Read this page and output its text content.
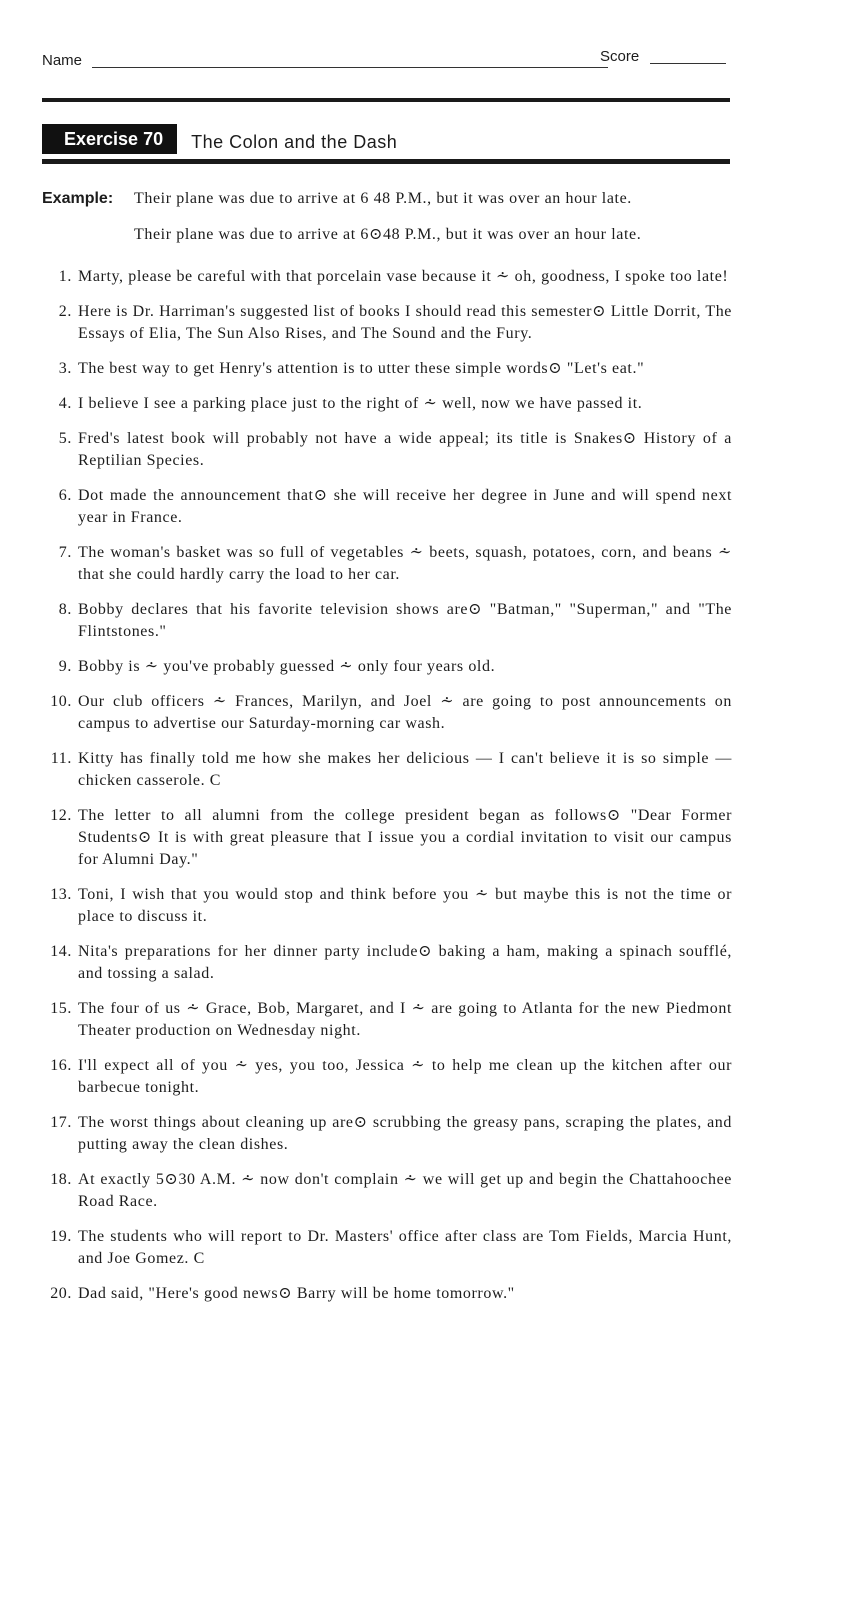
Name	Score
Exercise 70	The Colon and the Dash
Example: Their plane was due to arrive at 6 48 P.M., but it was over an hour late.

Their plane was due to arrive at 6⊙48 P.M., but it was over an hour late.

1. Marty, please be careful with that porcelain vase because it ⩪ oh, goodness, I spoke too late!
2. Here is Dr. Harriman's suggested list of books I should read this semester⊙ Little Dorrit, The Essays of Elia, The Sun Also Rises, and The Sound and the Fury.
3. The best way to get Henry's attention is to utter these simple words⊙ "Let's eat."
4. I believe I see a parking place just to the right of ⩪ well, now we have passed it.
5. Fred's latest book will probably not have a wide appeal; its title is Snakes⊙ History of a Reptilian Species.
6. Dot made the announcement that⊙ she will receive her degree in June and will spend next year in France.
7. The woman's basket was so full of vegetables ⩪ beets, squash, potatoes, corn, and beans ⩪ that she could hardly carry the load to her car.
8. Bobby declares that his favorite television shows are⊙ "Batman," "Superman," and "The Flintstones."
9. Bobby is ⩪ you've probably guessed ⩪ only four years old.
10. Our club officers ⩪ Frances, Marilyn, and Joel ⩪ are going to post announcements on campus to advertise our Saturday-morning car wash.
11. Kitty has finally told me how she makes her delicious — I can't believe it is so simple — chicken casserole. C
12. The letter to all alumni from the college president began as follows⊙ "Dear Former Students⊙ It is with great pleasure that I issue you a cordial invitation to visit our campus for Alumni Day."
13. Toni, I wish that you would stop and think before you ⩪ but maybe this is not the time or place to discuss it.
14. Nita's preparations for her dinner party include⊙ baking a ham, making a spinach soufflé, and tossing a salad.
15. The four of us ⩪ Grace, Bob, Margaret, and I ⩪ are going to Atlanta for the new Piedmont Theater production on Wednesday night.
16. I'll expect all of you ⩪ yes, you too, Jessica ⩪ to help me clean up the kitchen after our barbecue tonight.
17. The worst things about cleaning up are⊙ scrubbing the greasy pans, scraping the plates, and putting away the clean dishes.
18. At exactly 5⊙30 A.M. ⩪ now don't complain ⩪ we will get up and begin the Chattahoochee Road Race.
19. The students who will report to Dr. Masters' office after class are Tom Fields, Marcia Hunt, and Joe Gomez. C
20. Dad said, "Here's good news⊙ Barry will be home tomorrow."
